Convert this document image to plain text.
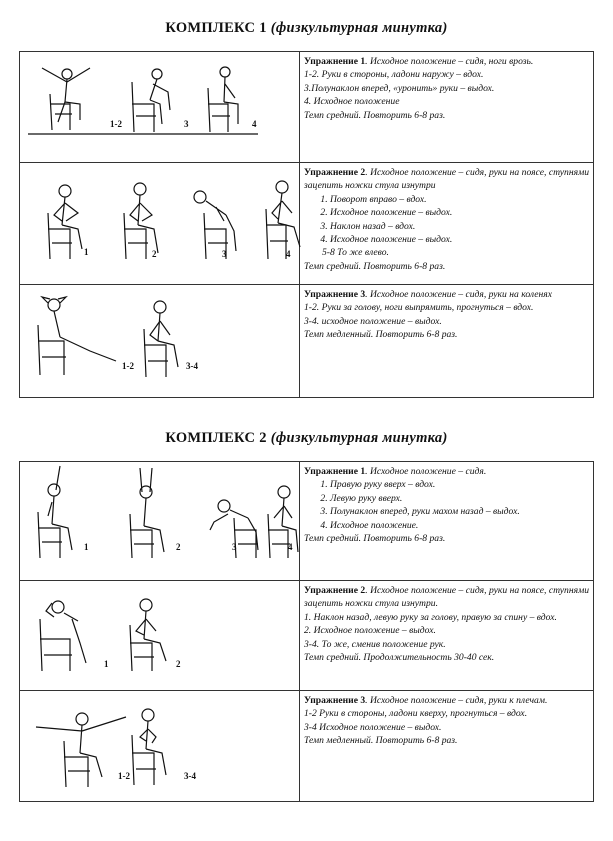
КОМПЛЕКС 1 (физкультурная минутка)
1-2	3	4

Упражнение 1. Исходное положение – сидя, ноги врозь.

1-2. Руки в стороны, ладони наружу – вдох.

3.Полунаклон вперед, «уронить» руки – выдох.

4. Исходное положение

Темп средний. Повторить 6-8 раз.

1	2	3	4

Упражнение 2. Исходное положение – сидя, руки на поясе, ступнями зацепить ножки стула изнутри

1. Поворот вправо – вдох.
2. Исходное положение – выдох.
3. Наклон назад – вдох.
4. Исходное положение – выдох.

5-8 То же влево.

Темп средний. Повторить 6-8 раз.

1-2	3-4

Упражнение 3. Исходное положение – сидя, руки на коленях

1-2. Руки за голову, ноги выпрямить, прогнуться – вдох.

3-4. исходное положение – выдох.

Темп медленный. Повторить 6-8 раз.

КОМПЛЕКС 2 (физкультурная минутка)
1	2	3	4

Упражнение 1. Исходное положение – сидя.

1. Правую руку вверх – вдох.
2. Левую руку вверх.
3. Полунаклон вперед, руки махом назад – выдох.
4. Исходное положение.

Темп средний. Повторить 6-8 раз.

1	2

Упражнение 2. Исходное положение – сидя, руки на поясе, ступнями зацепить ножки стула изнутри.

1. Наклон назад, левую руку за голову, правую за спину – вдох.

2. Исходное положение – выдох.

3-4. То же, сменив положение рук.

Темп средний. Продолжительность 30-40 сек.

1-2	3-4

Упражнение 3. Исходное положение – сидя, руки к плечам.

1-2 Руки в стороны, ладони кверху, прогнуться – вдох.

3-4 Исходное положение – выдох.

Темп медленный. Повторить 6-8 раз.
